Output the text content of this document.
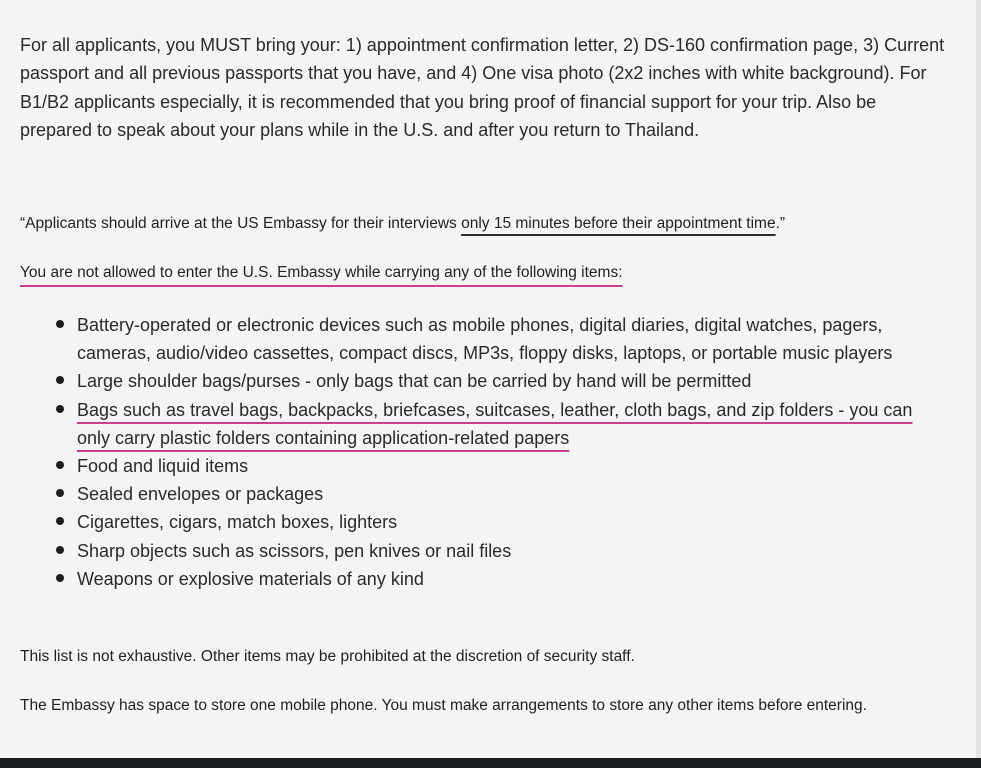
For all applicants, you MUST bring your: 1) appointment confirmation letter, 2) DS-160 confirmation page, 3) Current passport and all previous passports that you have, and 4) One visa photo (2x2 inches with white background). For B1/B2 applicants especially, it is recommended that you bring proof of financial support for your trip. Also be prepared to speak about your plans while in the U.S. and after you return to Thailand.

“Applicants should arrive at the US Embassy for their interviews only 15 minutes before their appointment time.”

You are not allowed to enter the U.S. Embassy while carrying any of the following items:

Battery-operated or electronic devices such as mobile phones, digital diaries, digital watches, pagers, cameras, audio/video cassettes, compact discs, MP3s, floppy disks, laptops, or portable music players
Large shoulder bags/purses - only bags that can be carried by hand will be permitted
Bags such as travel bags, backpacks, briefcases, suitcases, leather, cloth bags, and zip folders - you can only carry plastic folders containing application-related papers
Food and liquid items
Sealed envelopes or packages
Cigarettes, cigars, match boxes, lighters
Sharp objects such as scissors, pen knives or nail files
Weapons or explosive materials of any kind

This list is not exhaustive. Other items may be prohibited at the discretion of security staff.

The Embassy has space to store one mobile phone. You must make arrangements to store any other items before entering.
